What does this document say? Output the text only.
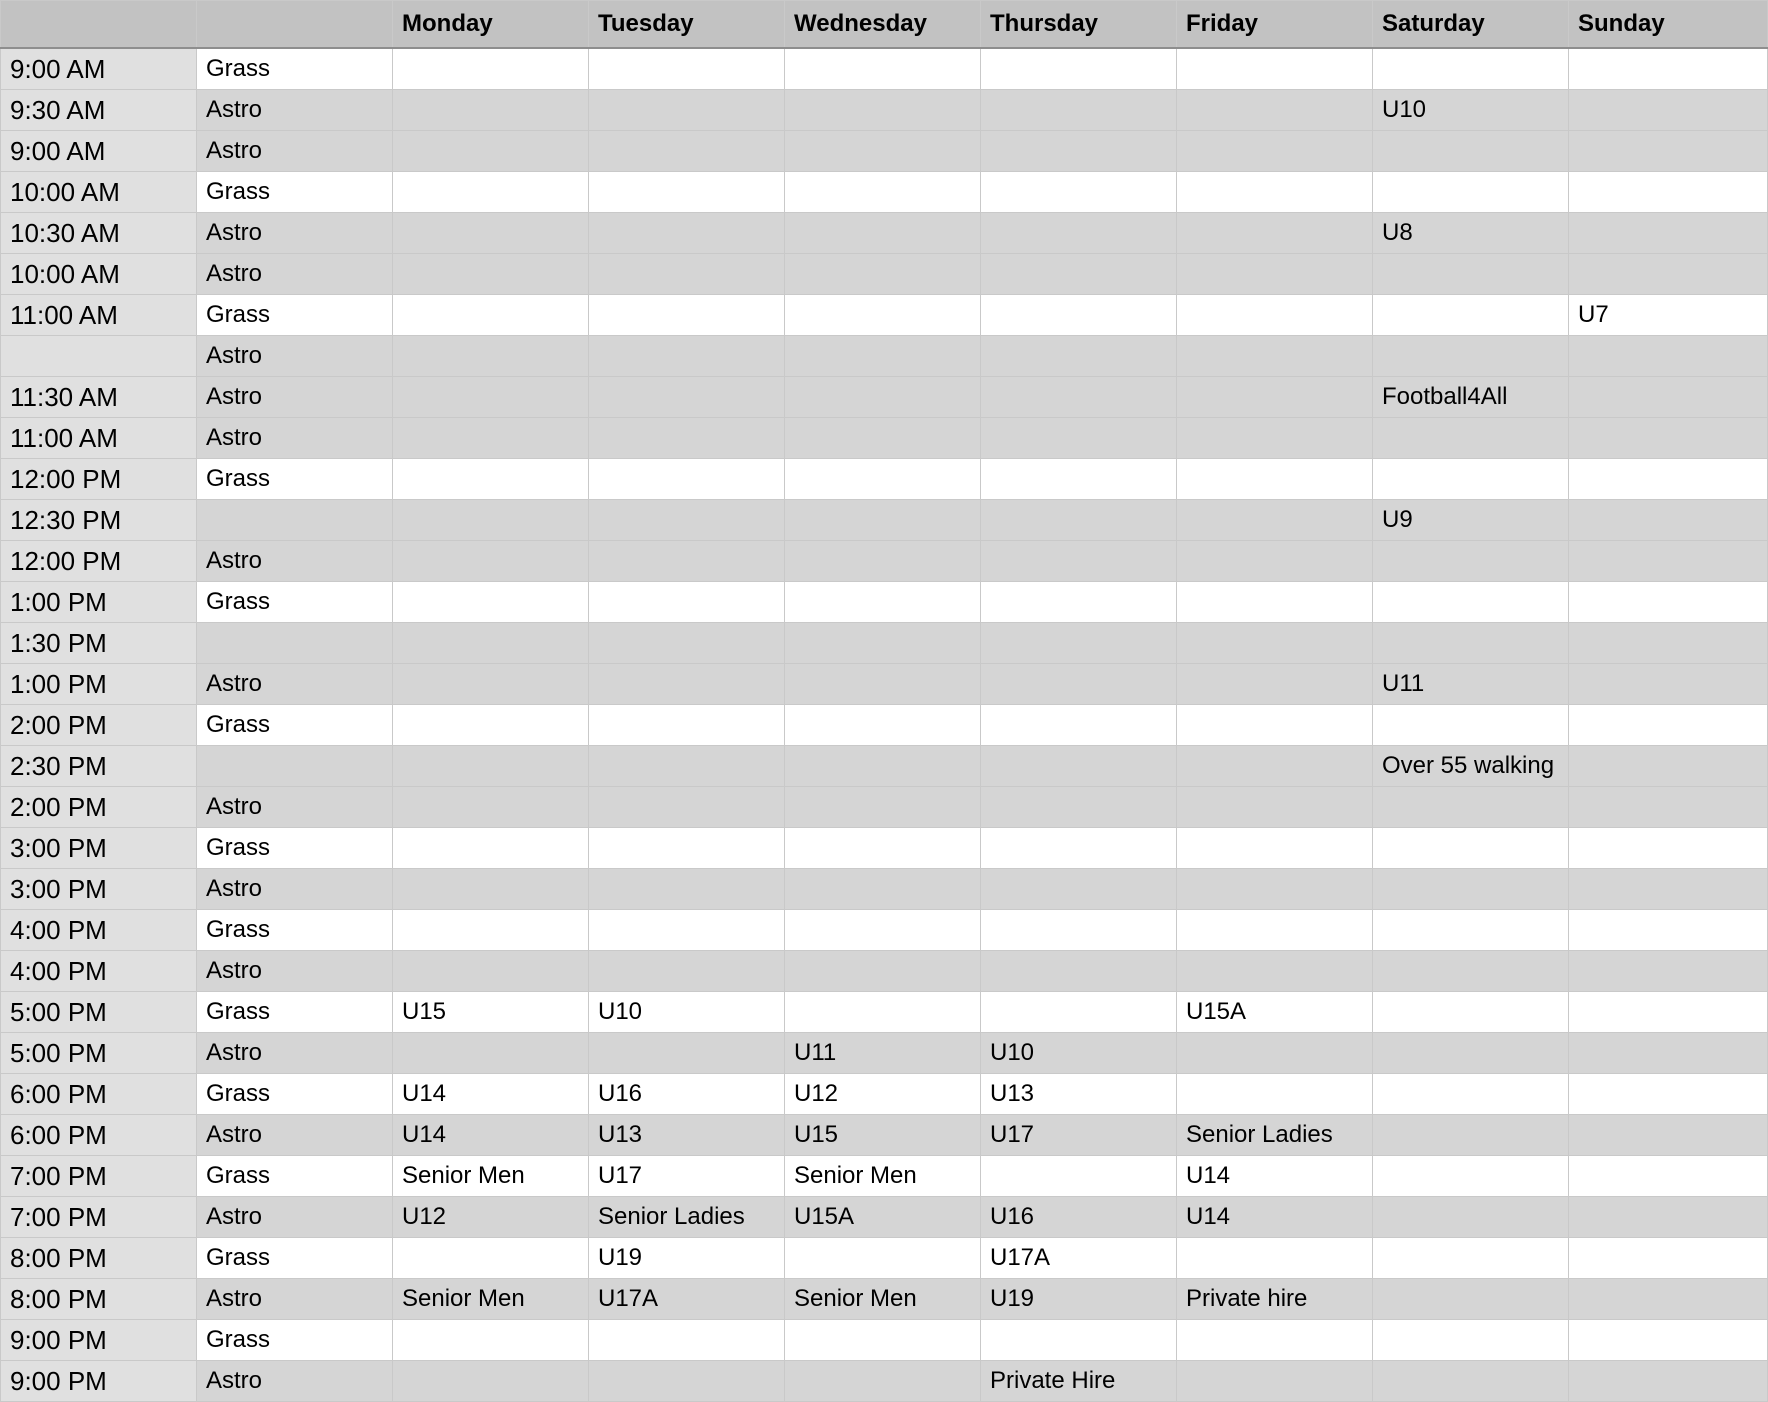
		Monday	Tuesday	Wednesday	Thursday	Friday	Saturday	Sunday
9:00 AM	Grass							
9:30 AM	Astro						U10	
9:00 AM	Astro							
10:00 AM	Grass							
10:30 AM	Astro						U8	
10:00 AM	Astro							
11:00 AM	Grass							U7
	Astro							
11:30 AM	Astro						Football4All	
11:00 AM	Astro							
12:00 PM	Grass							
12:30 PM							U9	
12:00 PM	Astro							
1:00 PM	Grass							
1:30 PM								
1:00 PM	Astro						U11	
2:00 PM	Grass							
2:30 PM							Over 55 walking	
2:00 PM	Astro							
3:00 PM	Grass							
3:00 PM	Astro							
4:00 PM	Grass							
4:00 PM	Astro							
5:00 PM	Grass	U15	U10			U15A		
5:00 PM	Astro			U11	U10			
6:00 PM	Grass	U14	U16	U12	U13			
6:00 PM	Astro	U14	U13	U15	U17	Senior Ladies		
7:00 PM	Grass	Senior Men	U17	Senior Men		U14		
7:00 PM	Astro	U12	Senior Ladies	U15A	U16	U14		
8:00 PM	Grass		U19		U17A			
8:00 PM	Astro	Senior Men	U17A	Senior Men	U19	Private hire		
9:00 PM	Grass							
9:00 PM	Astro				Private Hire			
